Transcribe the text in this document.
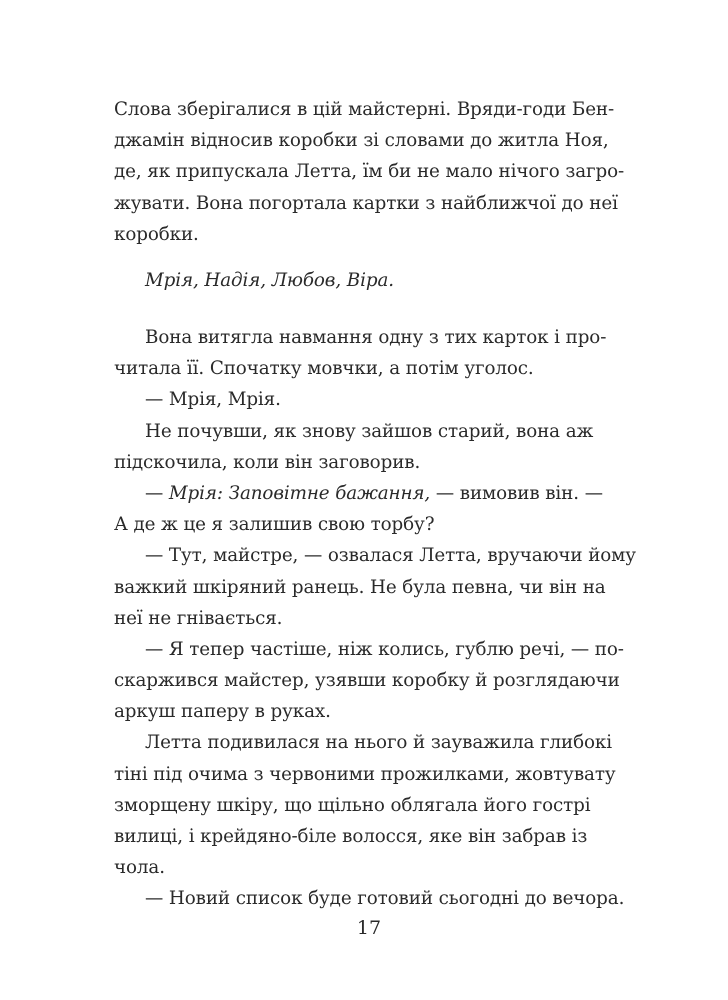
Слова зберігалися в цій майстерні. Вряди-годи Бен-
джамін відносив коробки зі словами до житла Ноя,
де, як припускала Летта, їм би не мало нічого загро-
жувати. Вона погортала картки з найближчої до неї
коробки.
Мрія, Надія, Любов, Віра.
Вона витягла навмання одну з тих карток і про-
читала її. Спочатку мовчки, а потім уголос.
— Мрія, Мрія.
Не почувши, як знову зайшов старий, вона аж
підскочила, коли він заговорив.
— Мрія: Заповітне бажання, — вимовив він. —
А де ж це я залишив свою торбу?
— Тут, майстре, — озвалася Летта, вручаючи йому
важкий шкіряний ранець. Не була певна, чи він на
неї не гнівається.
— Я тепер частіше, ніж колись, гублю речі, — по-
скаржився майстер, узявши коробку й розглядаючи
аркуш паперу в руках.
Летта подивилася на нього й зауважила глибокі
тіні під очима з червоними прожилками, жовтувату
зморщену шкіру, що щільно облягала його гострі
вилиці, і крейдяно-біле волосся, яке він забрав із
чола.
— Новий список буде готовий сьогодні до вечора.
17
